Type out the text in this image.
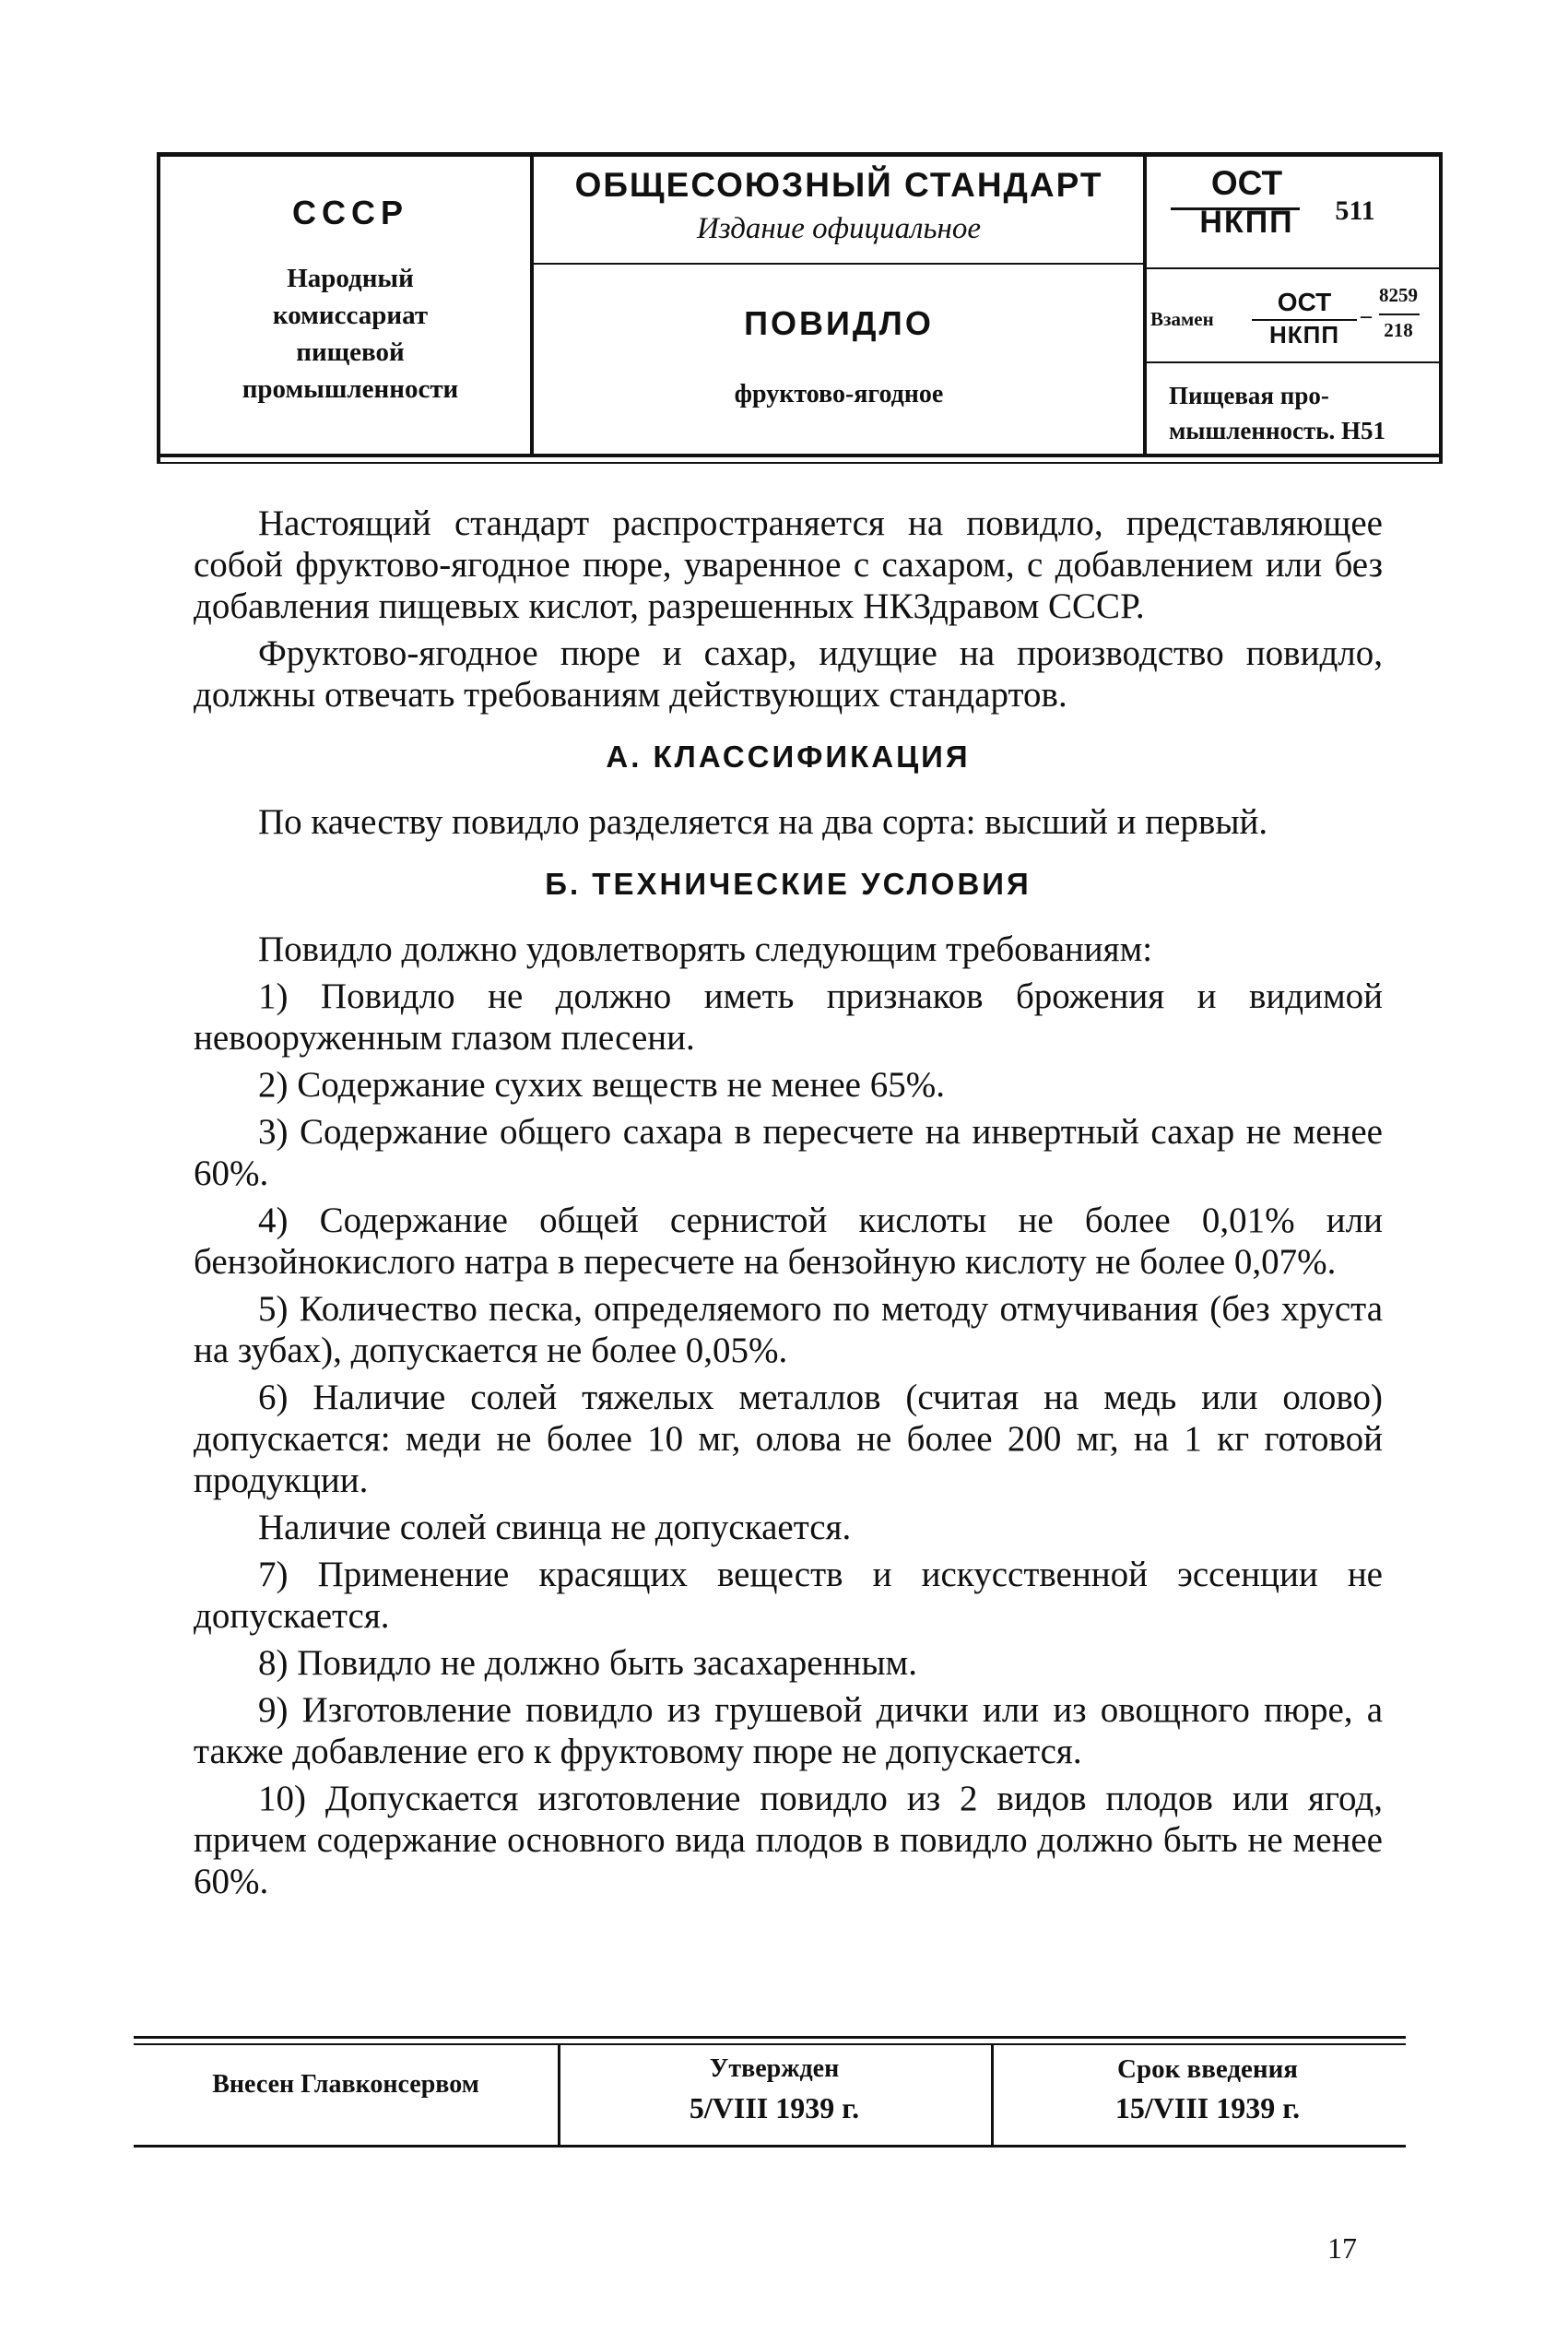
СССР
Народный
комиссариат
пищевой
промышленности
ОБЩЕСОЮЗНЫЙ СТАНДАРТ
Издание официальное
ПОВИДЛО
фруктово-ягодное
ОСТ
НКПП	511
Взамен
ОСТ
НКПП
–
8259
218
Пищевая про-
мышленность. Н51

Настоящий стандарт распространяется на повидло, представляющее собой фруктово-ягодное пюре, уваренное с сахаром, с добавлением или без добавления пищевых кислот, разрешенных НКЗдравом СССР.

Фруктово-ягодное пюре и сахар, идущие на производство повидло, должны отвечать требованиям действующих стандартов.

А. КЛАССИФИКАЦИЯ

По качеству повидло разделяется на два сорта: высший и первый.

Б. ТЕХНИЧЕСКИЕ УСЛОВИЯ

Повидло должно удовлетворять следующим требованиям:

1) Повидло не должно иметь признаков брожения и видимой невооруженным глазом плесени.

2) Содержание сухих веществ не менее 65%.

3) Содержание общего сахара в пересчете на инвертный сахар не менее 60%.

4) Содержание общей сернистой кислоты не более 0,01% или бензойнокислого натра в пересчете на бензойную кислоту не более 0,07%.

5) Количество песка, определяемого по методу отмучивания (без хруста на зубах), допускается не более 0,05%.

6) Наличие солей тяжелых металлов (считая на медь или олово) допускается: меди не более 10 мг, олова не более 200 мг, на 1 кг готовой продукции.

Наличие солей свинца не допускается.

7) Применение красящих веществ и искусственной эссенции не допускается.

8) Повидло не должно быть засахаренным.

9) Изготовление повидло из грушевой дички или из овощного пюре, а также добавление его к фруктовому пюре не допускается.

10) Допускается изготовление повидло из 2 видов плодов или ягод, причем содержание основного вида плодов в повидло должно быть не менее 60%.

Внесен Главконсервом
Утвержден
5/VIII 1939 г.
Срок введения
15/VIII 1939 г.
17
